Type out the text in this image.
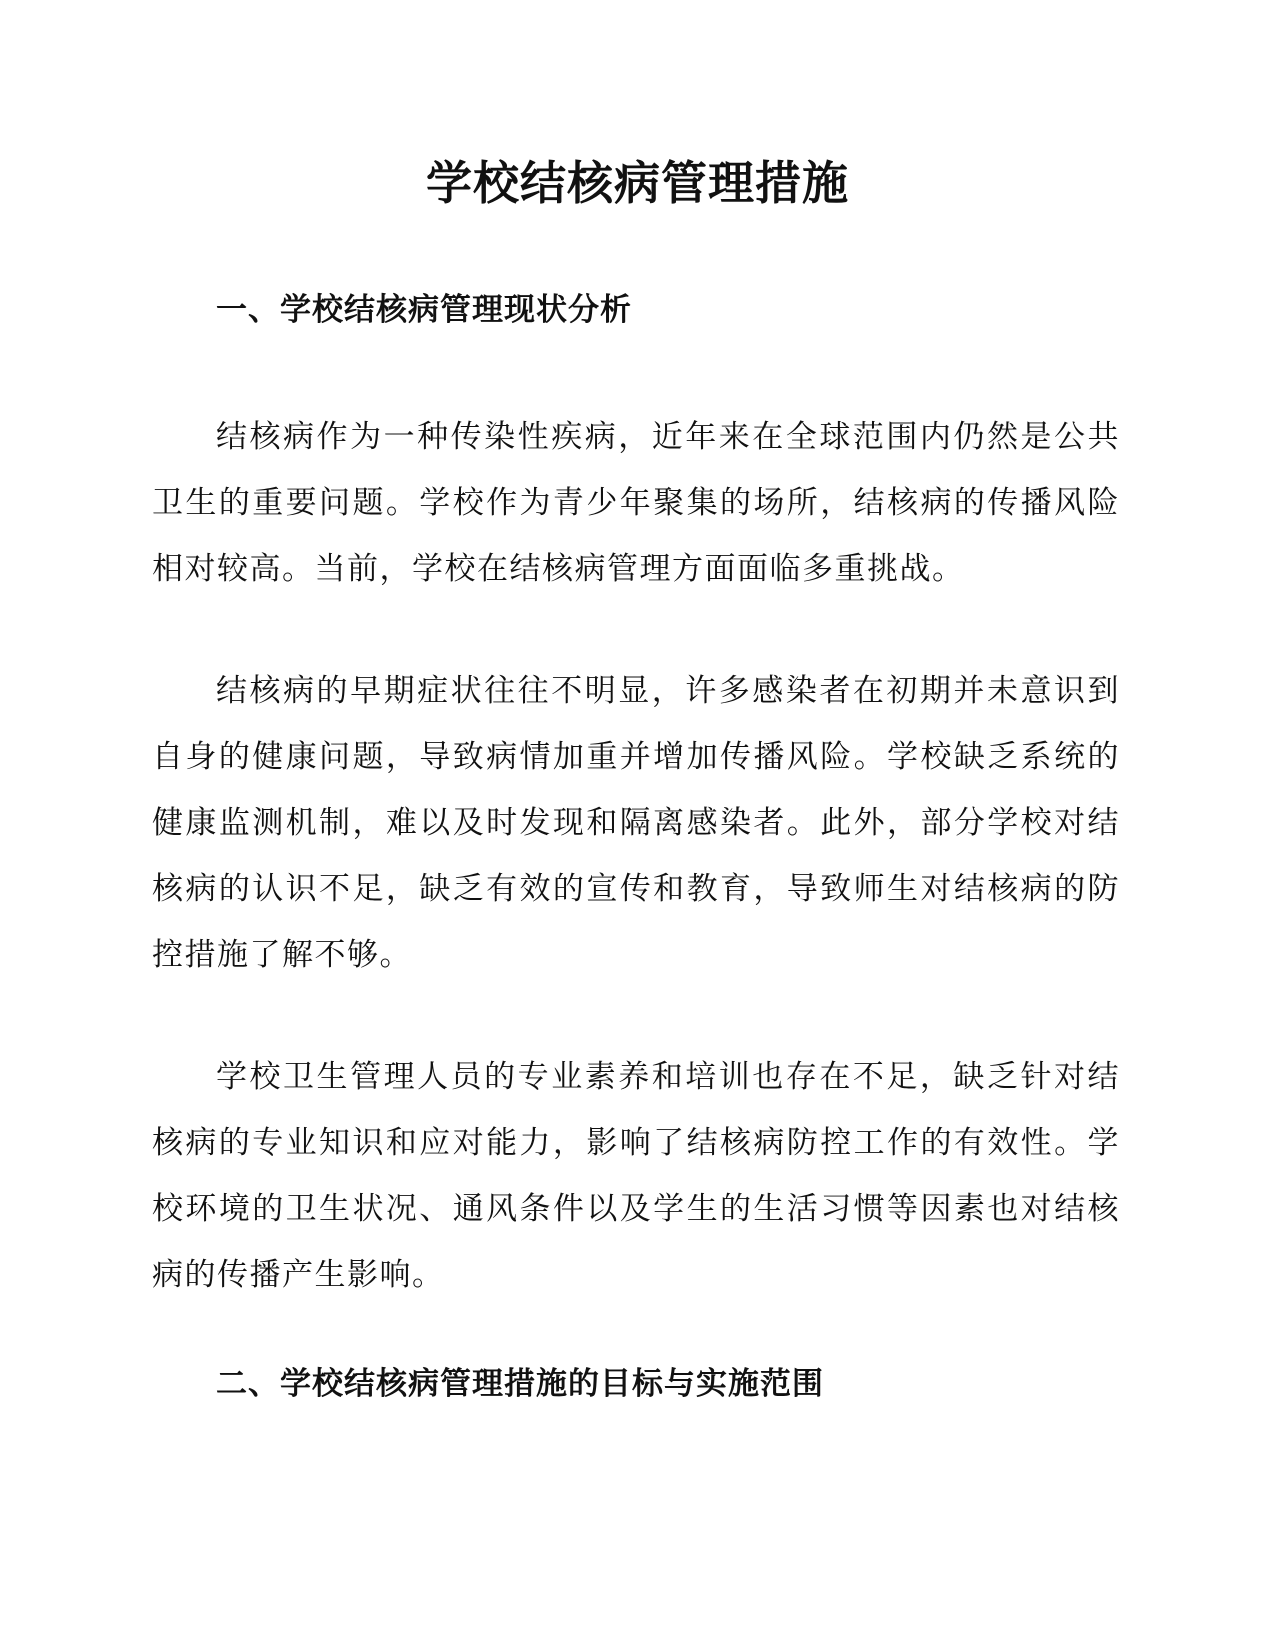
学校结核病管理措施
一、学校结核病管理现状分析

结核病作为一种传染性疾病，近年来在全球范围内仍然是公共卫生的重要问题。学校作为青少年聚集的场所，结核病的传播风险相对较高。当前，学校在结核病管理方面面临多重挑战。

结核病的早期症状往往不明显，许多感染者在初期并未意识到自身的健康问题，导致病情加重并增加传播风险。学校缺乏系统的健康监测机制，难以及时发现和隔离感染者。此外，部分学校对结核病的认识不足，缺乏有效的宣传和教育，导致师生对结核病的防控措施了解不够。

学校卫生管理人员的专业素养和培训也存在不足，缺乏针对结核病的专业知识和应对能力，影响了结核病防控工作的有效性。学校环境的卫生状况、通风条件以及学生的生活习惯等因素也对结核病的传播产生影响。

二、学校结核病管理措施的目标与实施范围
